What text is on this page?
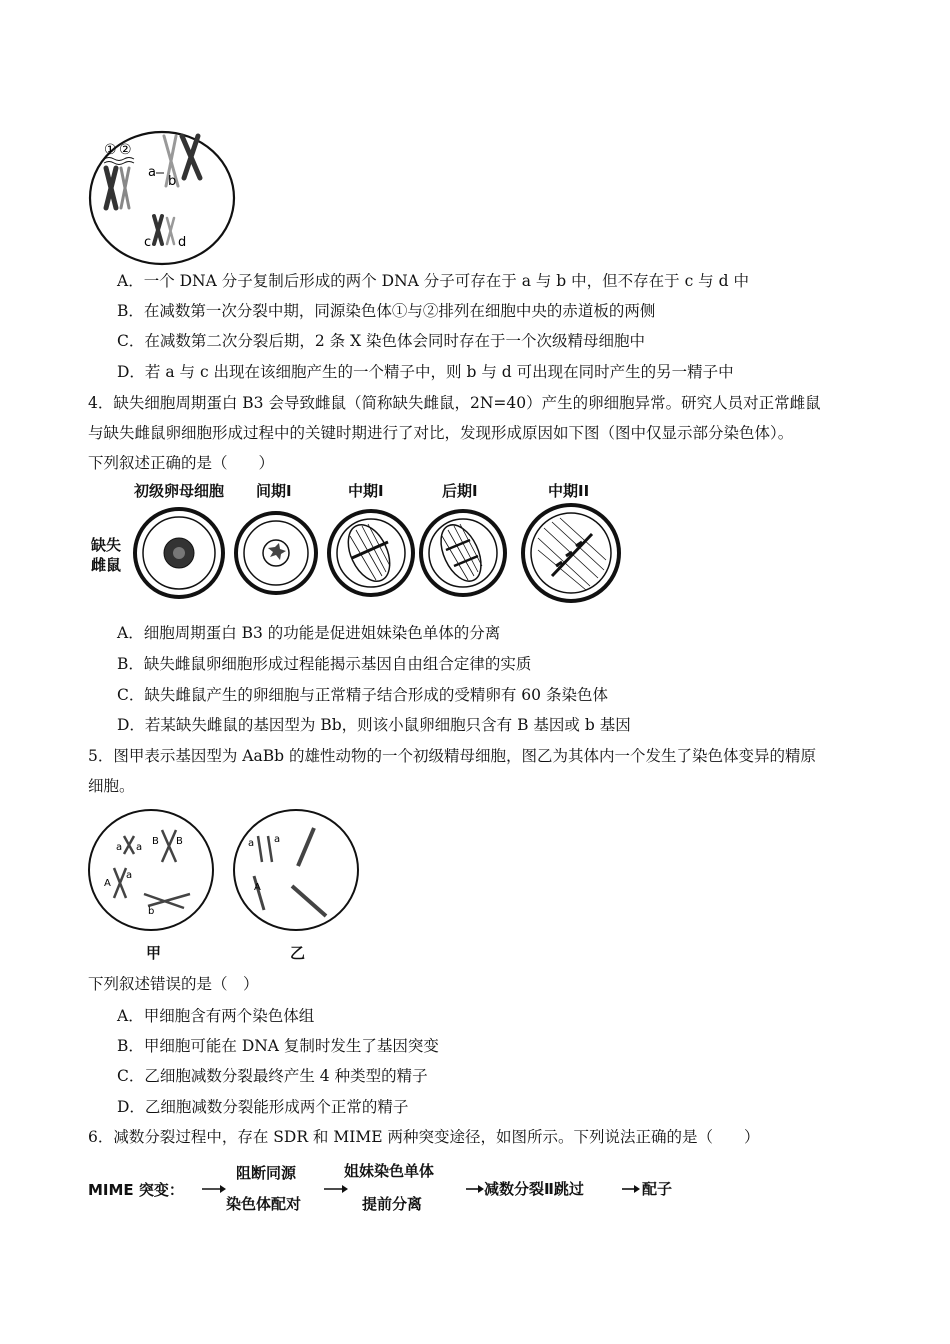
① ②
a
b
c d
A．一个 DNA 分子复制后形成的两个 DNA 分子可存在于 a 与 b 中，但不存在于 c 与 d 中
B．在减数第一次分裂中期，同源染色体①与②排列在细胞中央的赤道板的两侧
C．在减数第二次分裂后期，2 条 X 染色体会同时存在于一个次级精母细胞中
D．若 a 与 c 出现在该细胞产生的一个精子中，则 b 与 d 可出现在同时产生的另一精子中
4．缺失细胞周期蛋白 B3 会导致雌鼠（简称缺失雌鼠，2N=40）产生的卵细胞异常。研究人员对正常雌鼠
与缺失雌鼠卵细胞形成过程中的关键时期进行了对比，发现形成原因如下图（图中仅显示部分染色体）。
下列叙述正确的是（　　）
缺失
雌鼠
初级卵母细胞 间期I	中期I	后期I	中期II
A．细胞周期蛋白 B3 的功能是促进姐妹染色单体的分离
B．缺失雌鼠卵细胞形成过程能揭示基因自由组合定律的实质
C．缺失雌鼠产生的卵细胞与正常精子结合形成的受精卵有 60 条染色体
D．若某缺失雌鼠的基因型为 Bb，则该小鼠卵细胞只含有 B 基因或 b 基因
5．图甲表示基因型为 AaBb 的雄性动物的一个初级精母细胞，图乙为其体内一个发生了染色体变异的精原
细胞。
a a
B B
A
a
b
甲
a a
A
乙
下列叙述错误的是（　）
A．甲细胞含有两个染色体组
B．甲细胞可能在 DNA 复制时发生了基因突变
C．乙细胞减数分裂最终产生 4 种类型的精子
D．乙细胞减数分裂能形成两个正常的精子
6．减数分裂过程中，存在 SDR 和 MIME 两种突变途径，如图所示。下列说法正确的是（　　）
MIME 突变：
阻断同源
染色体配对
姐妹染色单体
提前分离
减数分裂Ⅱ跳过	配子
